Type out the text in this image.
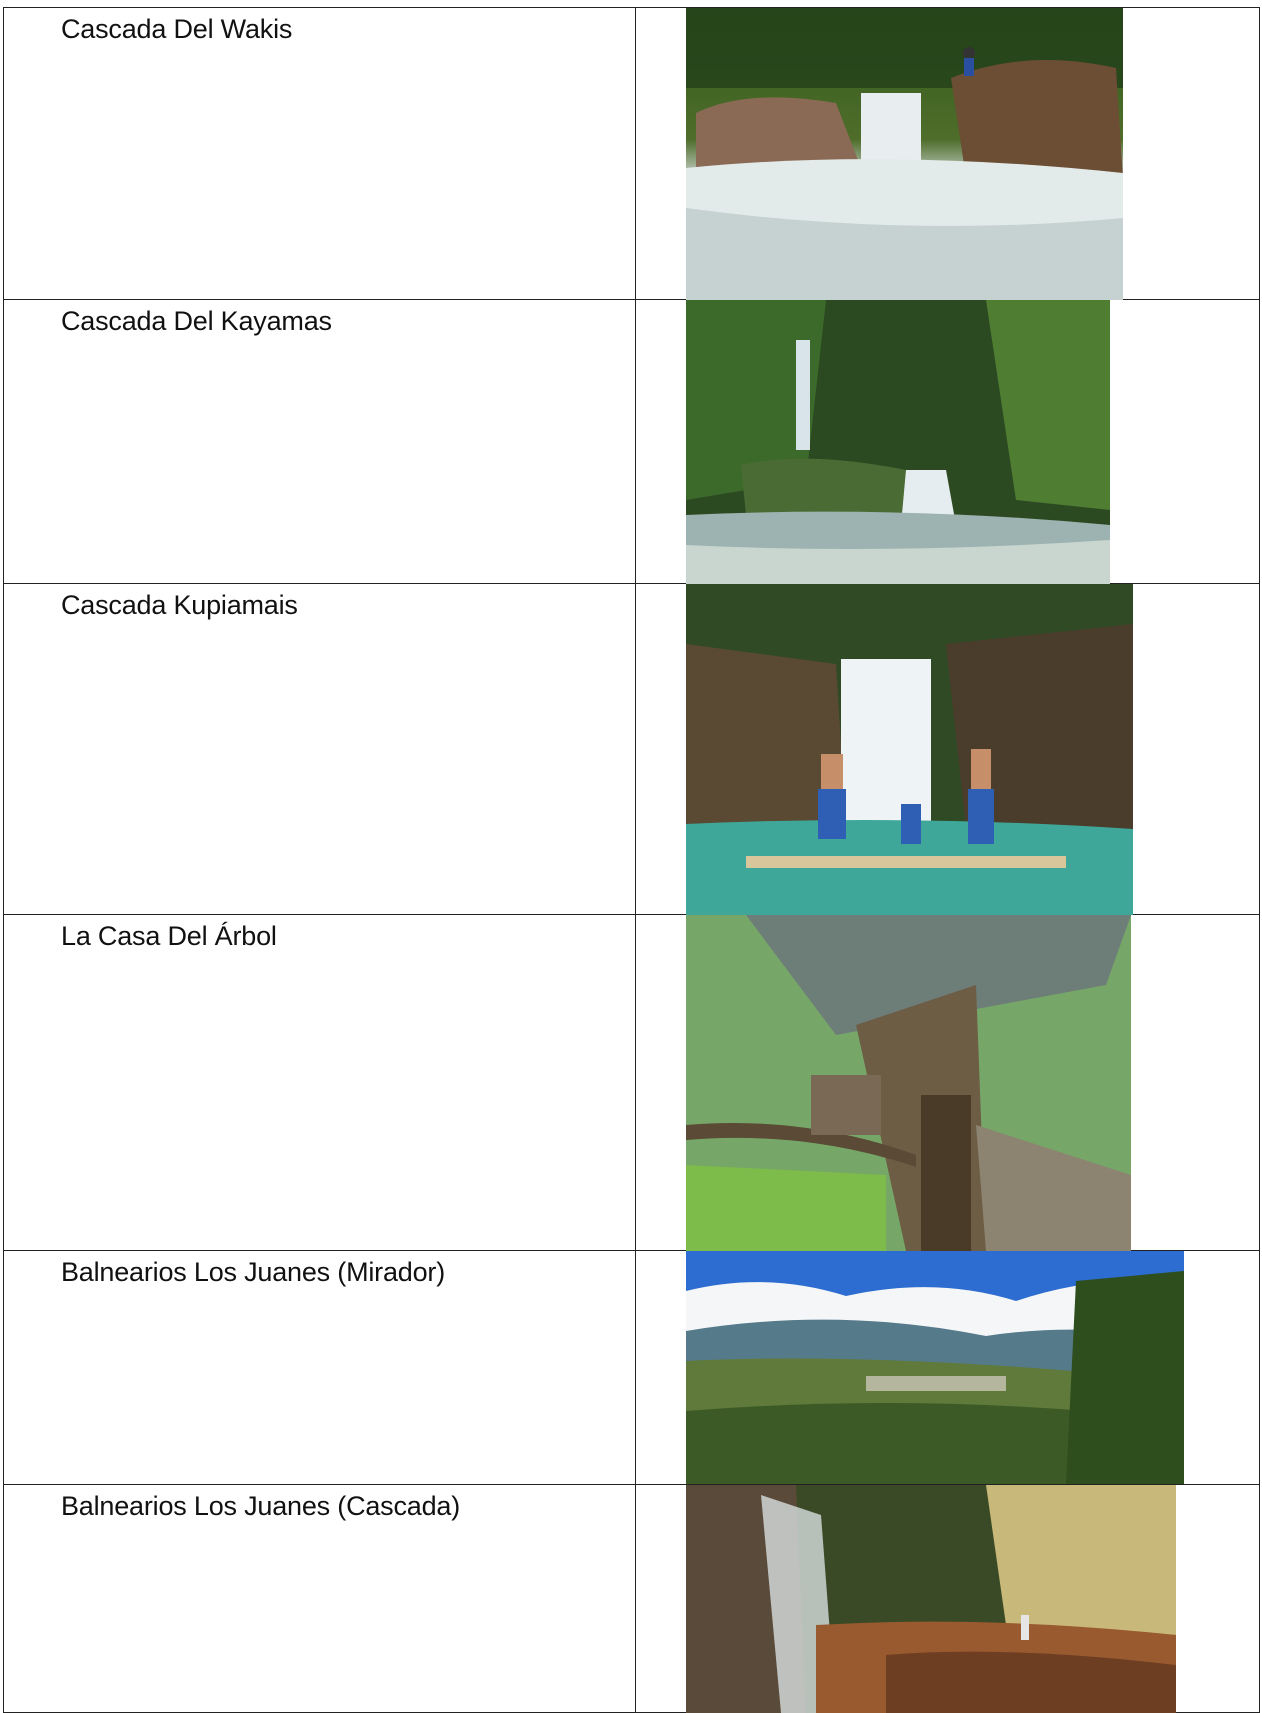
Cascada Del Wakis

Cascada Del Kayamas

Cascada Kupiamais

La Casa Del Árbol

Balnearios Los Juanes (Mirador)

Balnearios Los Juanes (Cascada)
